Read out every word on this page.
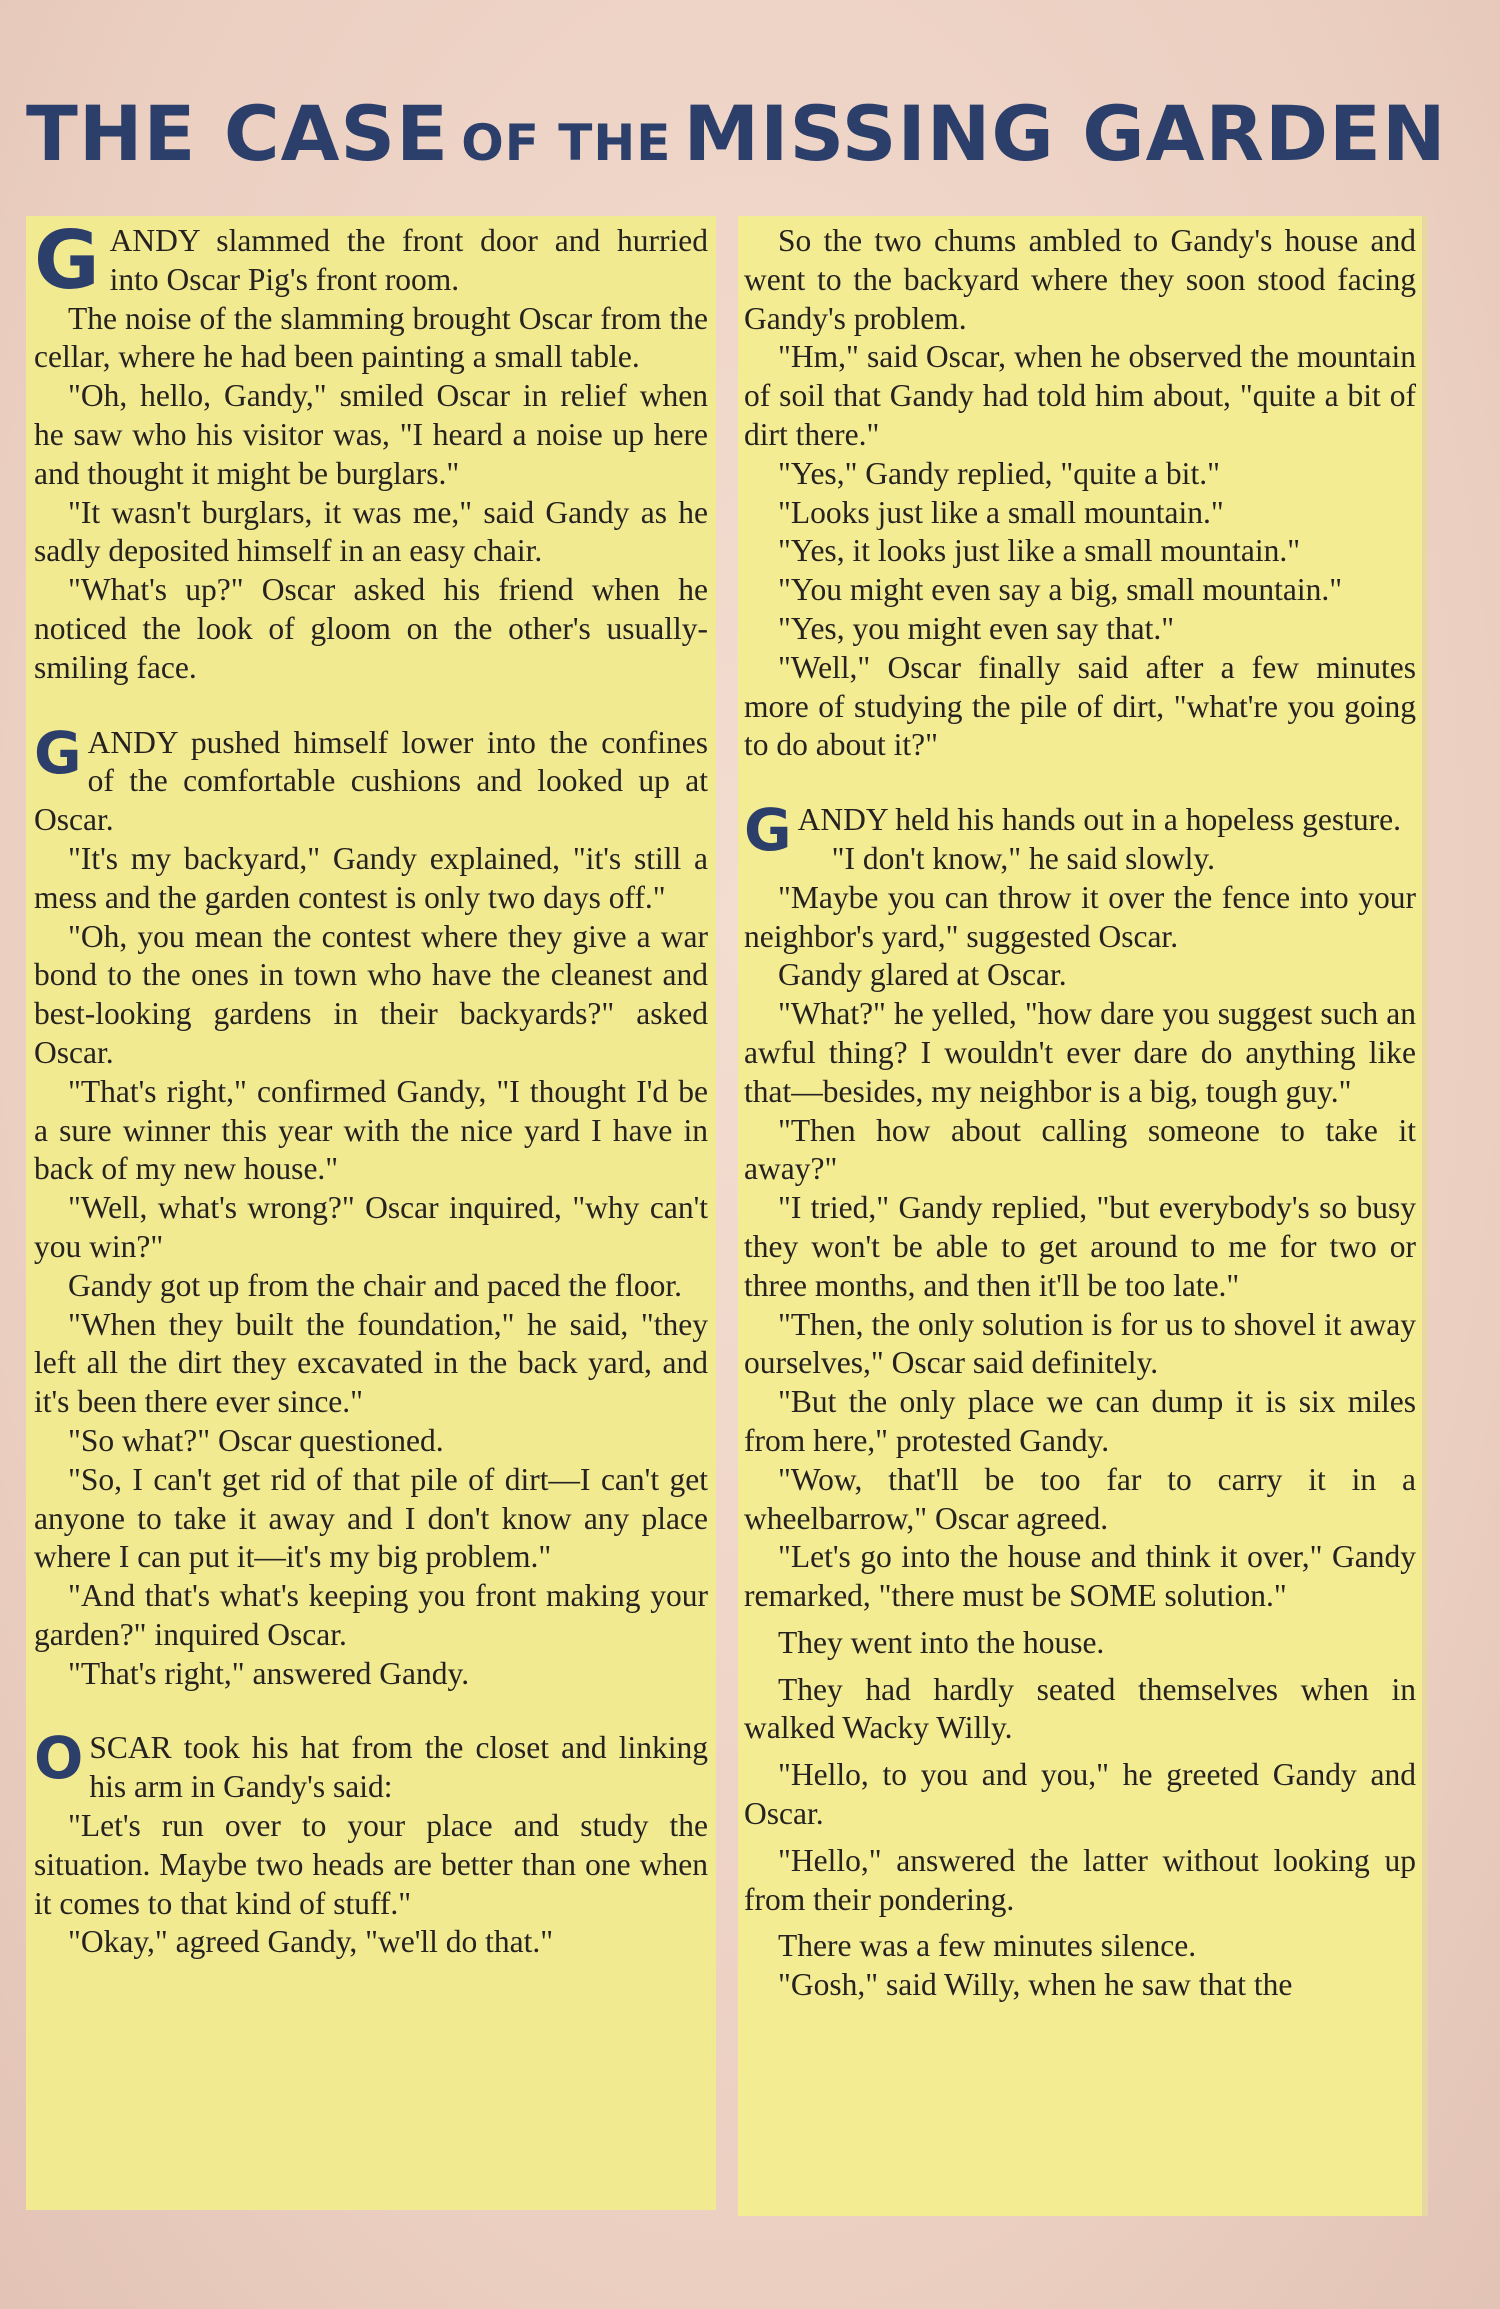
THE CASE OF THE MISSING GARDEN

G ANDY slammed the front door and hurried into Oscar Pig's front room.

The noise of the slamming brought Oscar from the cellar, where he had been painting a small table.

"Oh, hello, Gandy," smiled Oscar in relief when he saw who his visitor was, "I heard a noise up here and thought it might be burglars."

"It wasn't burglars, it was me," said Gandy as he sadly deposited himself in an easy chair.

"What's up?" Oscar asked his friend when he noticed the look of gloom on the other's usually-smiling face.

G ANDY pushed himself lower into the confines of the comfortable cushions and looked up at Oscar.

"It's my backyard," Gandy explained, "it's still a mess and the garden contest is only two days off."

"Oh, you mean the contest where they give a war bond to the ones in town who have the cleanest and best-looking gardens in their backyards?" asked Oscar.

"That's right," confirmed Gandy, "I thought I'd be a sure winner this year with the nice yard I have in back of my new house."

"Well, what's wrong?" Oscar inquired, "why can't you win?"

Gandy got up from the chair and paced the floor.

"When they built the foundation," he said, "they left all the dirt they excavated in the back yard, and it's been there ever since."

"So what?" Oscar questioned.

"So, I can't get rid of that pile of dirt—I can't get anyone to take it away and I don't know any place where I can put it—it's my big problem."

"And that's what's keeping you front making your garden?" inquired Oscar.

"That's right," answered Gandy.

O SCAR took his hat from the closet and linking his arm in Gandy's said:

"Let's run over to your place and study the situation. Maybe two heads are better than one when it comes to that kind of stuff."

"Okay," agreed Gandy, "we'll do that."

So the two chums ambled to Gandy's house and went to the backyard where they soon stood facing Gandy's problem.

"Hm," said Oscar, when he observed the mountain of soil that Gandy had told him about, "quite a bit of dirt there."

"Yes," Gandy replied, "quite a bit."

"Looks just like a small mountain."

"Yes, it looks just like a small mountain."

"You might even say a big, small mountain."

"Yes, you might even say that."

"Well," Oscar finally said after a few minutes more of studying the pile of dirt, "what're you going to do about it?"

G ANDY held his hands out in a hopeless gesture.

"I don't know," he said slowly.

"Maybe you can throw it over the fence into your neighbor's yard," suggested Oscar.

Gandy glared at Oscar.

"What?" he yelled, "how dare you suggest such an awful thing? I wouldn't ever dare do anything like that—besides, my neighbor is a big, tough guy."

"Then how about calling someone to take it away?"

"I tried," Gandy replied, "but everybody's so busy they won't be able to get around to me for two or three months, and then it'll be too late."

"Then, the only solution is for us to shovel it away ourselves," Oscar said definitely.

"But the only place we can dump it is six miles from here," protested Gandy.

"Wow, that'll be too far to carry it in a wheelbarrow," Oscar agreed.

"Let's go into the house and think it over," Gandy remarked, "there must be SOME solution."

They went into the house.

They had hardly seated themselves when in walked Wacky Willy.

"Hello, to you and you," he greeted Gandy and Oscar.

"Hello," answered the latter without looking up from their pondering.

There was a few minutes silence.

"Gosh," said Willy, when he saw that the
